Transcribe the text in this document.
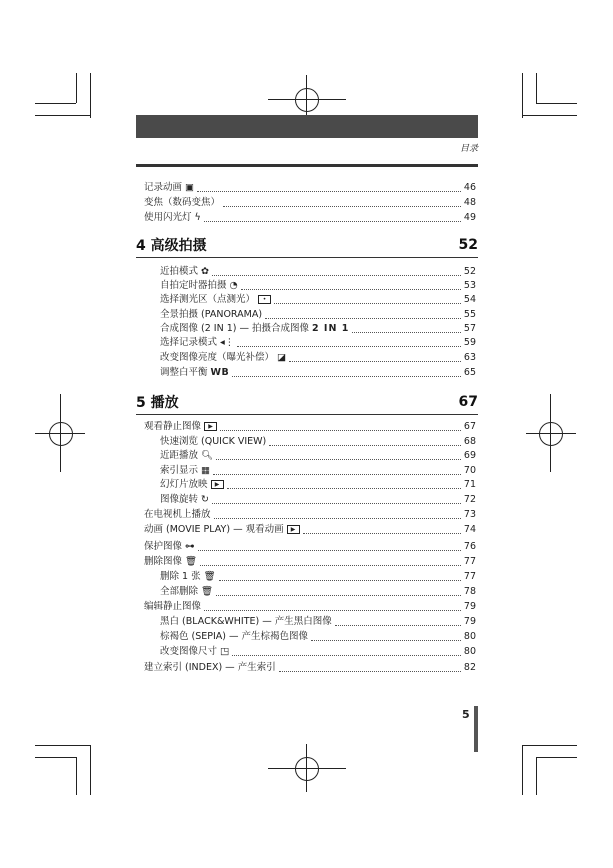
目录
记录动画 ▣	46
变焦（数码变焦）	48
使用闪光灯 ϟ	49
4 高级拍摄	52
近拍模式 ✿	52
自拍定时器拍摄 ◔	53
选择测光区（点测光）	•	54
全景拍摄 (PANORAMA)	55
合成图像 (2 IN 1) — 拍摄合成图像 2 IN 1	57
选择记录模式 ◂⋮	59
改变图像亮度（曝光补偿） ◪	63
调整白平衡 WB	65
5 播放	67
观看静止图像	▶	67
快速浏览 (QUICK VIEW)	68
近距播放 🔍︎	69
索引显示 ▦	70
幻灯片放映	▶	71
图像旋转 ↻	72
在电视机上播放	73
动画 (MOVIE PLAY) — 观看动画	▶	74
保护图像 ⊶	76
删除图像 🗑︎	77
删除 1 张 🗑︎	77
全部删除 🗑︎	78
编辑静止图像	79
黑白 (BLACK&WHITE) — 产生黑白图像	79
棕褐色 (SEPIA) — 产生棕褐色图像	80
改变图像尺寸 ◳	80
建立索引 (INDEX) — 产生索引	82
5
